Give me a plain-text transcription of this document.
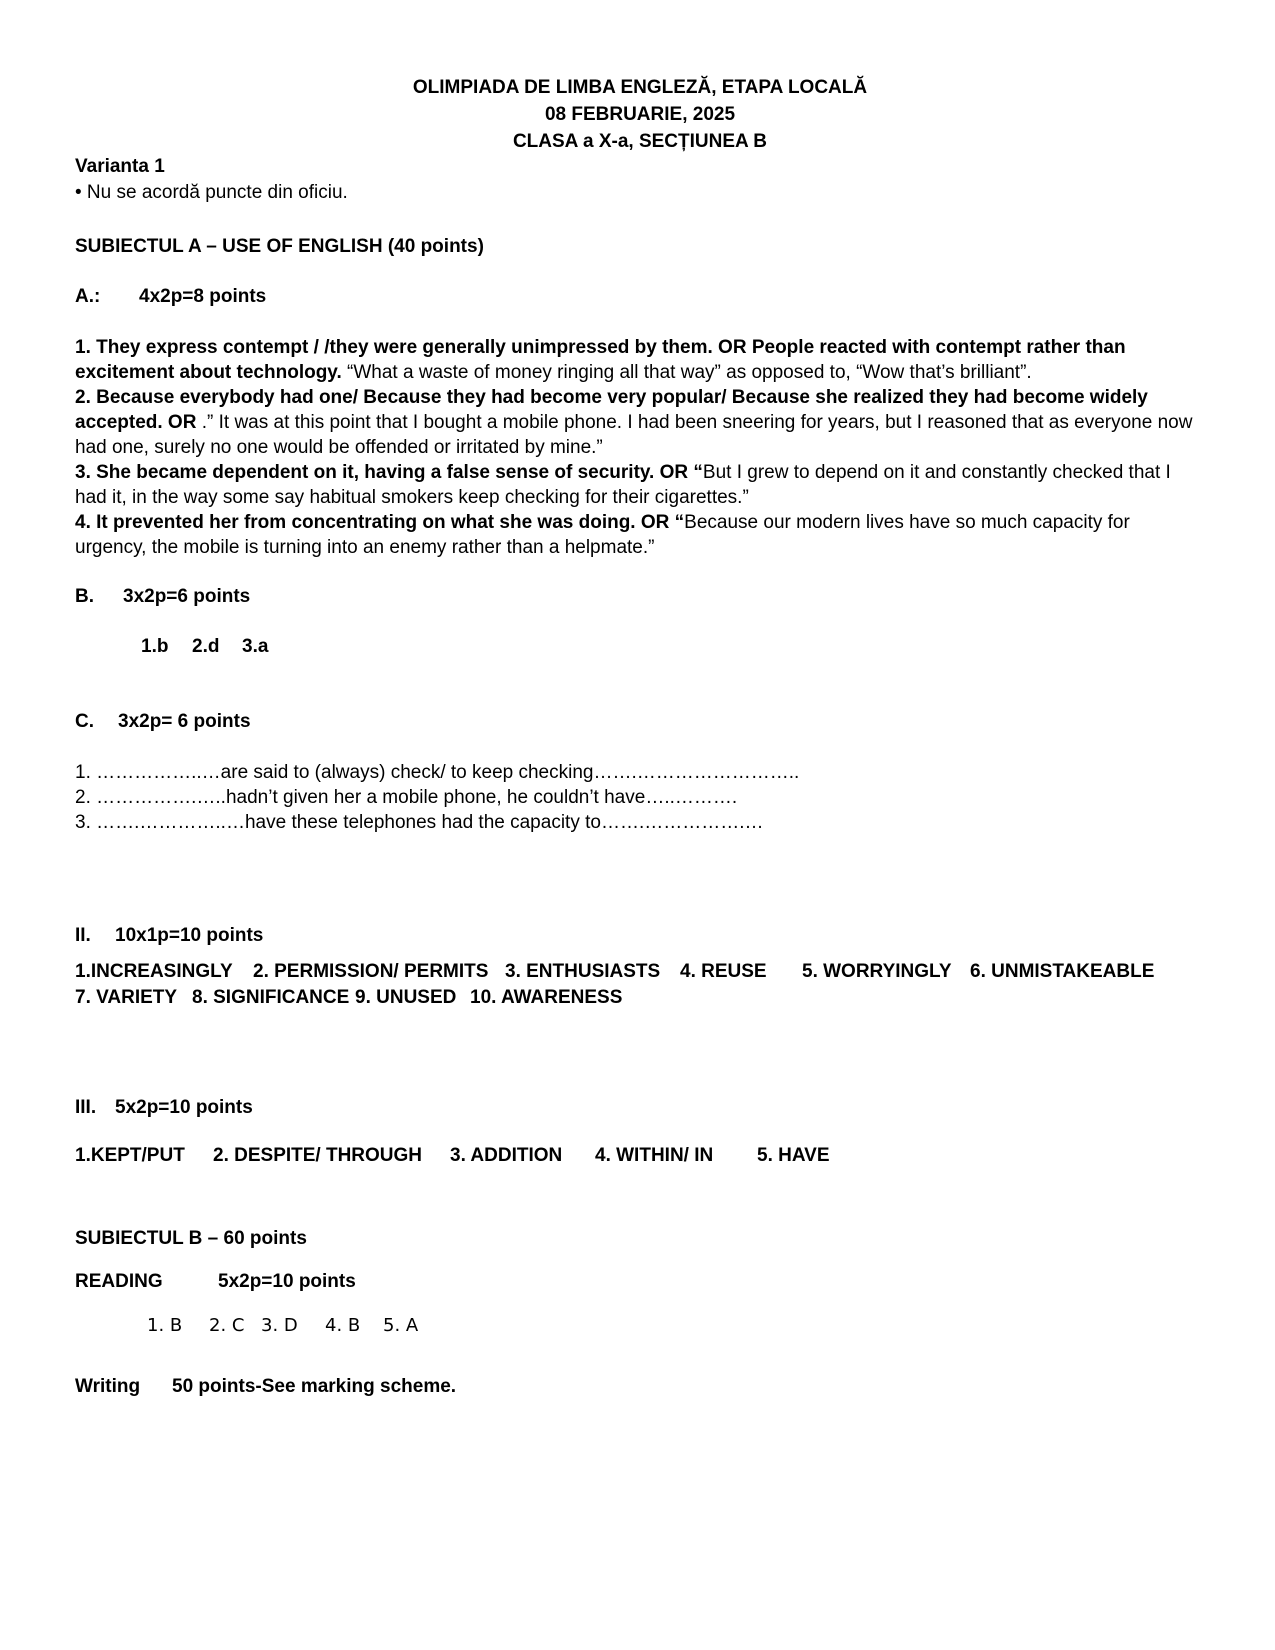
OLIMPIADA DE LIMBA ENGLEZĂ, ETAPA LOCALĂ
08 FEBRUARIE, 2025
CLASA a X-a, SECȚIUNEA B
Varianta 1
• Nu se acordă puncte din oficiu.
SUBIECTUL A – USE OF ENGLISH (40 points)
A.: 4x2p=8 points

1. They express contempt / /they were generally unimpressed by them. OR People reacted with contempt rather than excitement about technology. “What a waste of money ringing all that way” as opposed to, “Wow that’s brilliant”.

2. Because everybody had one/ Because they had become very popular/ Because she realized they had become widely accepted. OR .” It was at this point that I bought a mobile phone. I had been sneering for years, but I reasoned that as everyone now had one, surely no one would be offended or irritated by mine.”

3. She became dependent on it, having a false sense of security. OR “But I grew to depend on it and constantly checked that I had it, in the way some say habitual smokers keep checking for their cigarettes.”

4. It prevented her from concentrating on what she was doing. OR “Because our modern lives have so much capacity for urgency, the mobile is turning into an enemy rather than a helpmate.”

B. 3x2p=6 points
1.b 2.d 3.a
C. 3x2p= 6 points
1. ……………..…are said to (always) check/ to keep checking…….……………………..
2. …………….…..hadn’t given her a mobile phone, he couldn’t have…..……….
3. …….…………..…have these telephones had the capacity to…….…………….…
II. 10x1p=10 points
1.INCREASINGLY 2. PERMISSION/ PERMITS 3. ENTHUSIASTS 4. REUSE 5. WORRYINGLY 6. UNMISTAKEABLE
7. VARIETY 8. SIGNIFICANCE 9. UNUSED 10. AWARENESS
III. 5x2p=10 points
1.KEPT/PUT 2. DESPITE/ THROUGH 3. ADDITION 4. WITHIN/ IN 5. HAVE
SUBIECTUL B – 60 points
READING	5x2p=10 points
1. B 2. C 3. D 4. B 5. A
Writing 50 points-See marking scheme.
